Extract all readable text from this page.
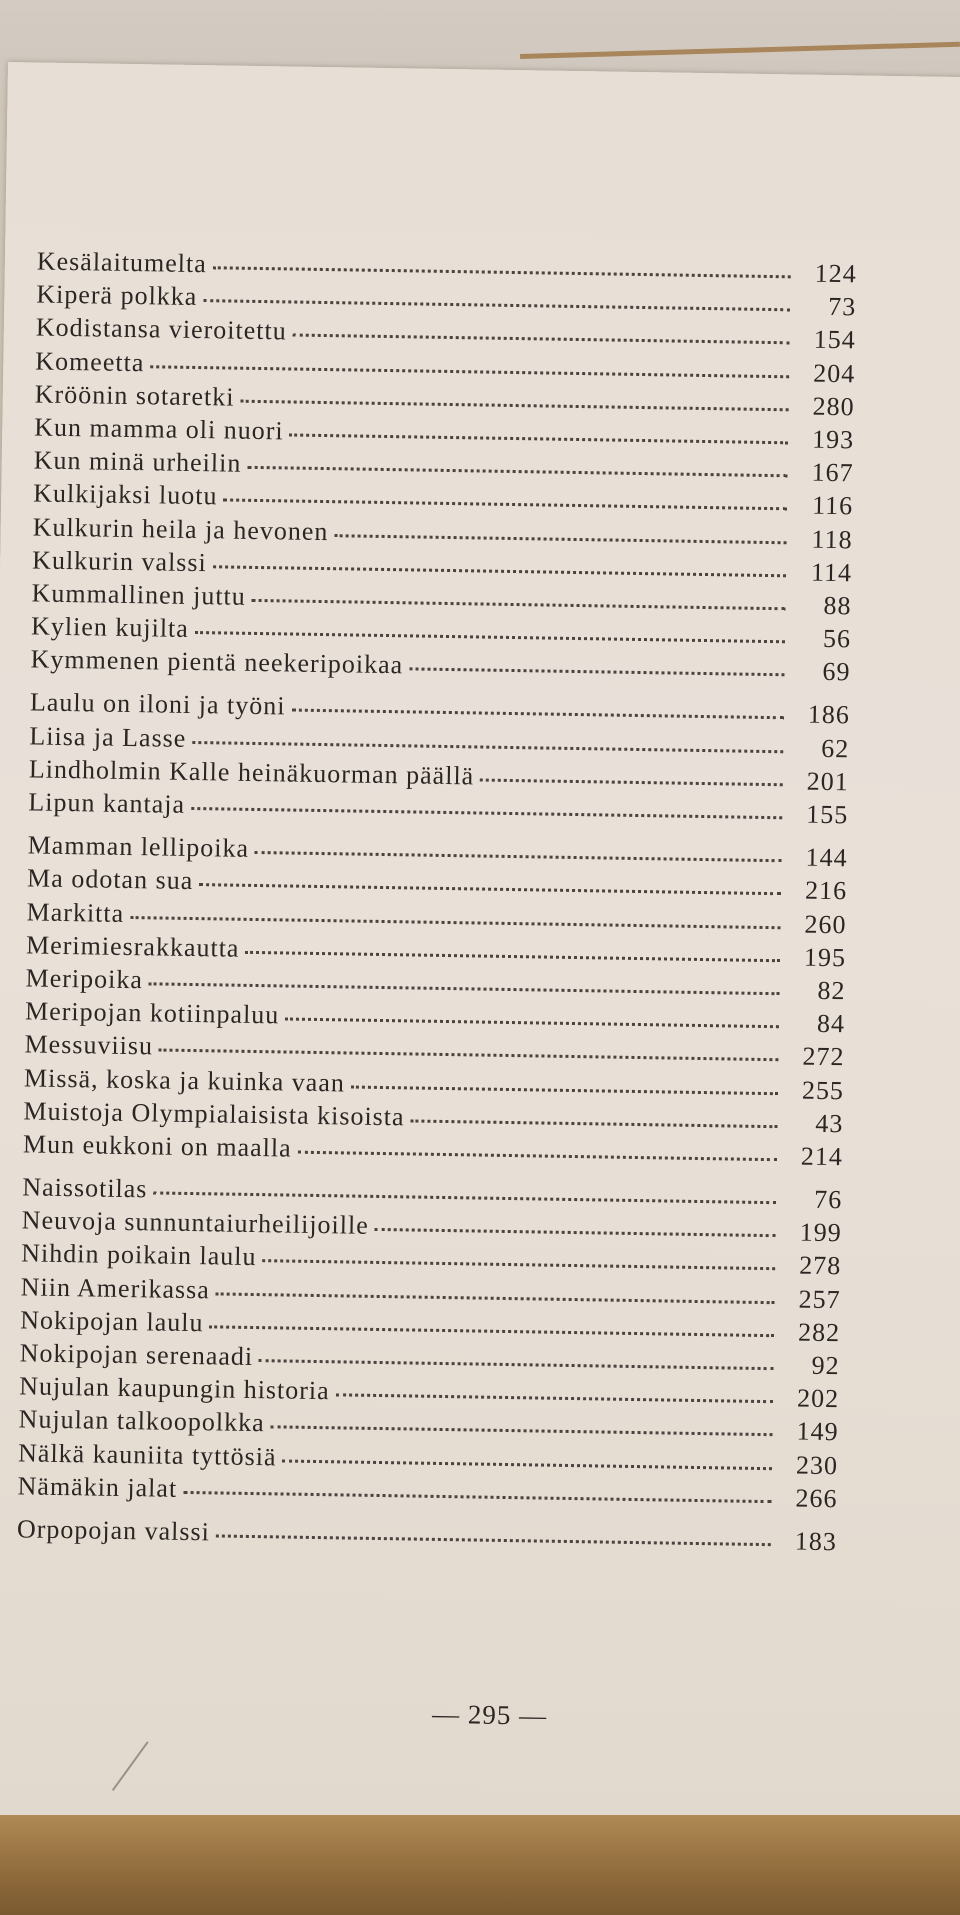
Kesälaitumelta	124
Kiperä polkka	73
Kodistansa vieroitettu	154
Komeetta	204
Kröönin sotaretki	280
Kun mamma oli nuori	193
Kun minä urheilin	167
Kulkijaksi luotu	116
Kulkurin heila ja hevonen	118
Kulkurin valssi	114
Kummallinen juttu	88
Kylien kujilta	56
Kymmenen pientä neekeripoikaa	69
Laulu on iloni ja työni	186
Liisa ja Lasse	62
Lindholmin Kalle heinäkuorman päällä	201
Lipun kantaja	155
Mamman lellipoika	144
Ma odotan sua	216
Markitta	260
Merimiesrakkautta	195
Meripoika	82
Meripojan kotiinpaluu	84
Messuviisu	272
Missä, koska ja kuinka vaan	255
Muistoja Olympialaisista kisoista	43
Mun eukkoni on maalla	214
Naissotilas	76
Neuvoja sunnuntaiurheilijoille	199
Nihdin poikain laulu	278
Niin Amerikassa	257
Nokipojan laulu	282
Nokipojan serenaadi	92
Nujulan kaupungin historia	202
Nujulan talkoopolkka	149
Nälkä kauniita tyttösiä	230
Nämäkin jalat	266
Orpopojan valssi	183
— 295 —
